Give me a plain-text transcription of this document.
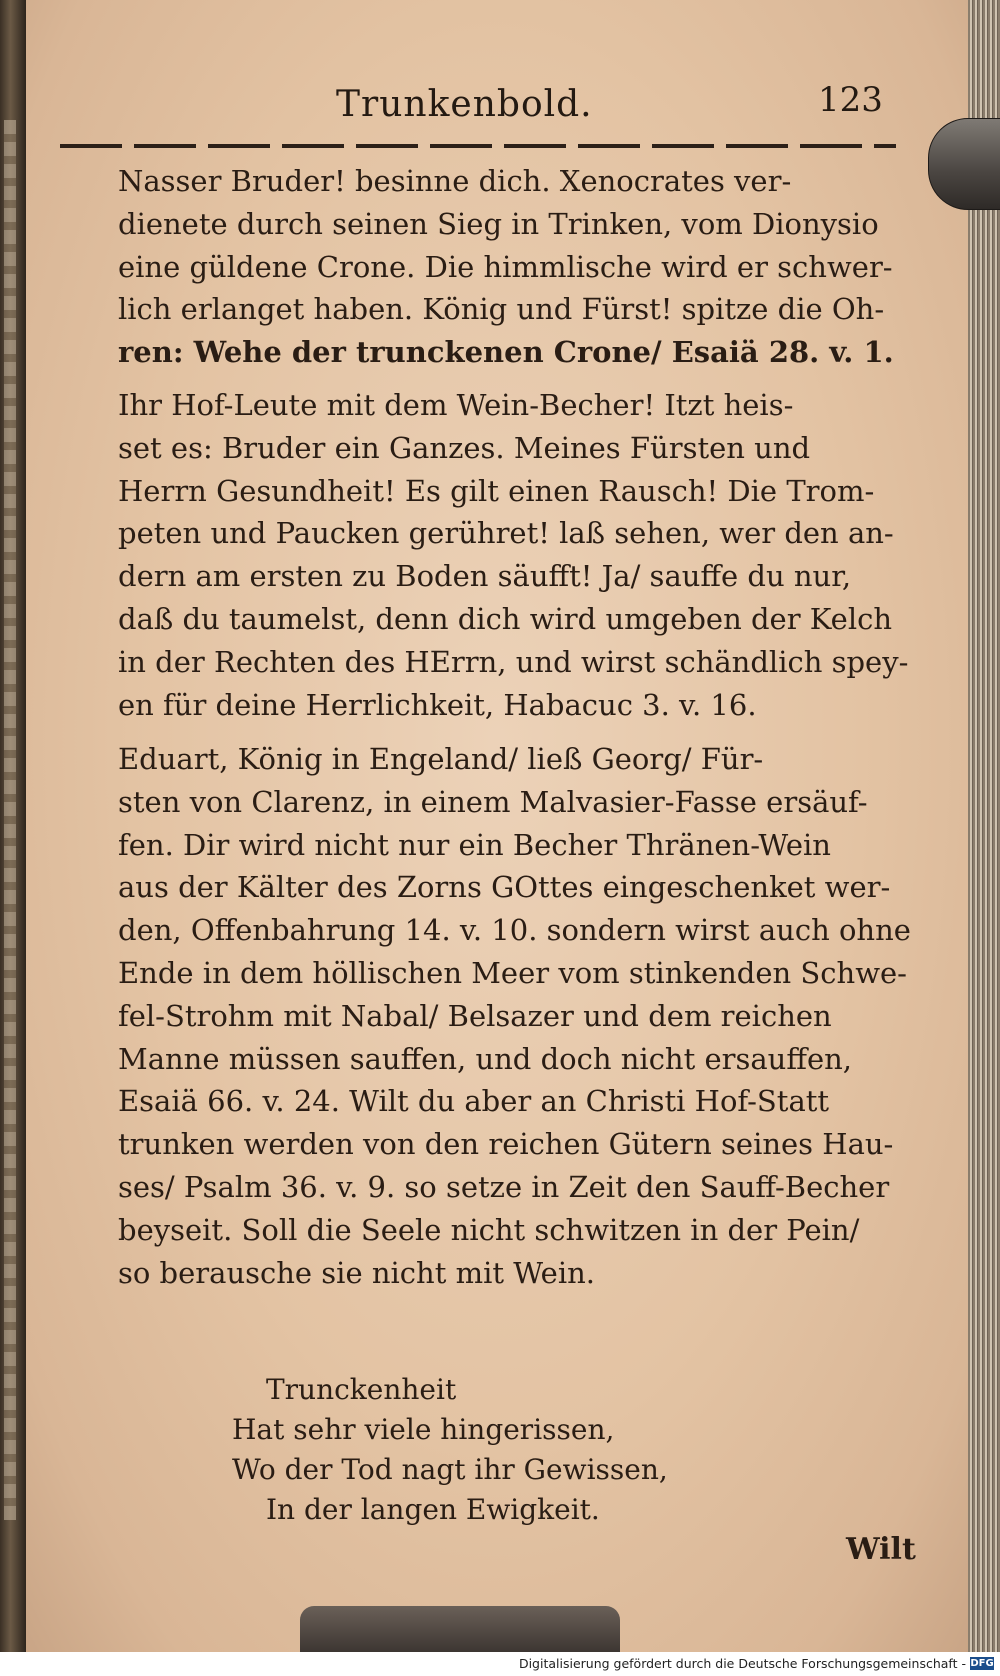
Trunkenbold.	123
Nasser Bruder! besinne dich. Xenocrates ver-
dienete durch seinen Sieg in Trinken, vom Dionysio
eine güldene Crone. Die himmlische wird er schwer-
lich erlanget haben. König und Fürst! spitze die Oh-
ren: Wehe der trunckenen Crone/ Esaiä 28. v. 1.
Ihr Hof-Leute mit dem Wein-Becher! Itzt heis-
set es: Bruder ein Ganzes. Meines Fürsten und
Herrn Gesundheit! Es gilt einen Rausch! Die Trom-
peten und Paucken gerühret! laß sehen, wer den an-
dern am ersten zu Boden säufft! Ja/ sauffe du nur,
daß du taumelst, denn dich wird umgeben der Kelch
in der Rechten des HErrn, und wirst schändlich spey-
en für deine Herrlichkeit, Habacuc 3. v. 16.
Eduart, König in Engeland/ ließ Georg/ Für-
sten von Clarenz, in einem Malvasier-Fasse ersäuf-
fen. Dir wird nicht nur ein Becher Thränen-Wein
aus der Kälter des Zorns GOttes eingeschenket wer-
den, Offenbahrung 14. v. 10. sondern wirst auch ohne
Ende in dem höllischen Meer vom stinkenden Schwe-
fel-Strohm mit Nabal/ Belsazer und dem reichen
Manne müssen sauffen, und doch nicht ersauffen,
Esaiä 66. v. 24. Wilt du aber an Christi Hof-Statt
trunken werden von den reichen Gütern seines Hau-
ses/ Psalm 36. v. 9. so setze in Zeit den Sauff-Becher
beyseit. Soll die Seele nicht schwitzen in der Pein/
so berausche sie nicht mit Wein.
Trunckenheit
Hat sehr viele hingerissen,
Wo der Tod nagt ihr Gewissen,
In der langen Ewigkeit.
Wilt
Digitalisierung gefördert durch die Deutsche Forschungsgemeinschaft - DFG
